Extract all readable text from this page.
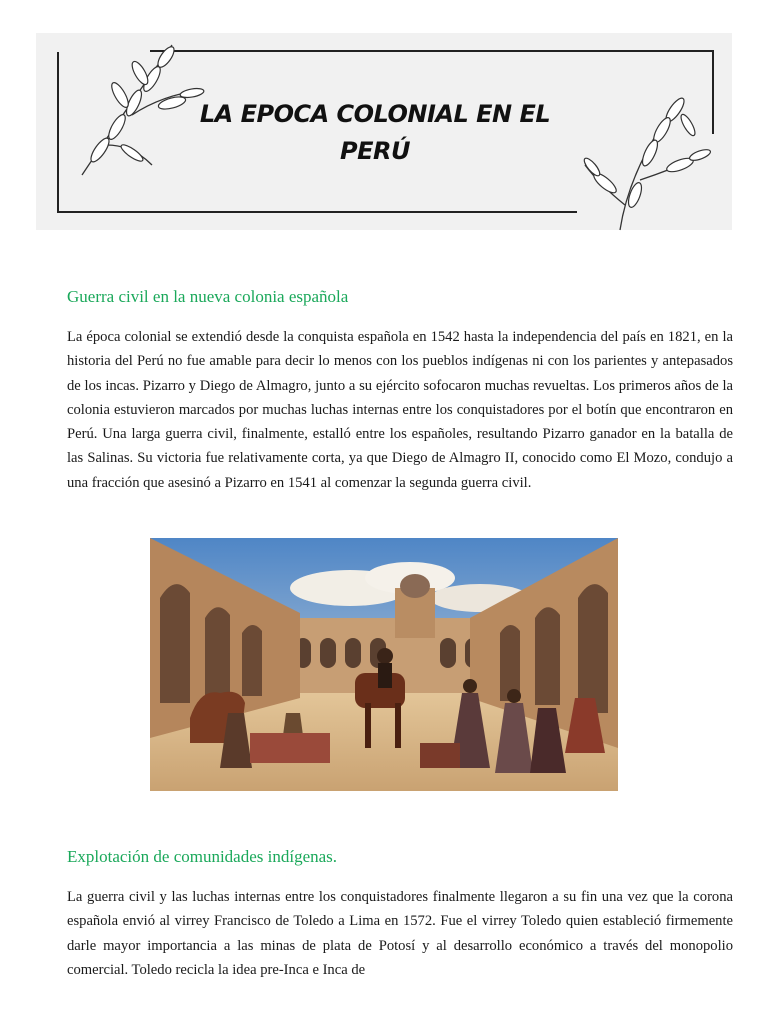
LA EPOCA COLONIAL EN EL
PERÚ
Guerra civil en la nueva colonia española
La época colonial se extendió desde la conquista española en 1542 hasta la independencia del país en 1821, en la historia del Perú no fue amable para decir lo menos con los pueblos indígenas ni con los parientes y antepasados de los incas. Pizarro y Diego de Almagro, junto a su ejército sofocaron muchas revueltas. Los primeros años de la colonia estuvieron marcados por muchas luchas internas entre los conquistadores por el botín que encontraron en Perú. Una larga guerra civil, finalmente, estalló entre los españoles, resultando Pizarro ganador en la batalla de las Salinas. Su victoria fue relativamente corta, ya que Diego de Almagro II, conocido como El Mozo, condujo a una fracción que asesinó a Pizarro en 1541 al comenzar la segunda guerra civil.
Explotación de comunidades indígenas.
La guerra civil y las luchas internas entre los conquistadores finalmente llegaron a su fin una vez que la corona española envió al virrey Francisco de Toledo a Lima en 1572. Fue el virrey Toledo quien estableció firmemente darle mayor importancia a las minas de plata de Potosí y al desarrollo económico a través del monopolio comercial. Toledo recicla la idea pre-Inca e Inca de
